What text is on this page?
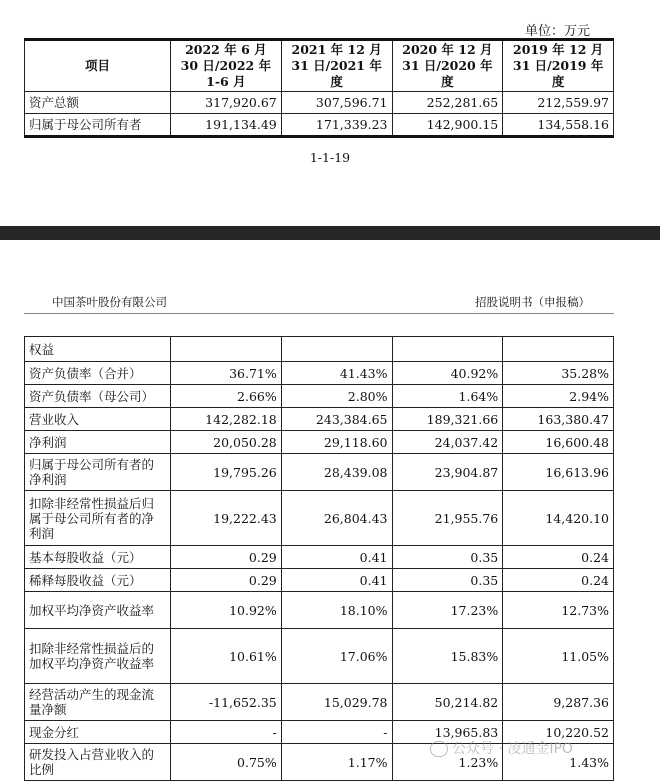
单位：万元
项目	2022 年 6 月 30 日/2022 年 1-6 月	2021 年 12 月 31 日/2021 年度	2020 年 12 月 31 日/2020 年度	2019 年 12 月 31 日/2019 年度
资产总额	317,920.67	307,596.71	252,281.65	212,559.97
归属于母公司所有者	191,134.49	171,339.23	142,900.15	134,558.16
1-1-19
中国茶叶股份有限公司	招股说明书（申报稿）
权益				
资产负债率（合并）	36.71%	41.43%	40.92%	35.28%
资产负债率（母公司）	2.66%	2.80%	1.64%	2.94%
营业收入	142,282.18	243,384.65	189,321.66	163,380.47
净利润	20,050.28	29,118.60	24,037.42	16,600.48
归属于母公司所有者的净利润	19,795.26	28,439.08	23,904.87	16,613.96
扣除非经常性损益后归属于母公司所有者的净利润	19,222.43	26,804.43	21,955.76	14,420.10
基本每股收益（元）	0.29	0.41	0.35	0.24
稀释每股收益（元）	0.29	0.41	0.35	0.24
加权平均净资产收益率	10.92%	18.10%	17.23%	12.73%
扣除非经常性损益后的加权平均净资产收益率	10.61%	17.06%	15.83%	11.05%
经营活动产生的现金流量净额	-11,652.35	15,029.78	50,214.82	9,287.36
现金分红	-	-	13,965.83	10,220.52
研发投入占营业收入的比例	0.75%	1.17%	1.23%	1.43%
公众号 · 凌通金IPO
